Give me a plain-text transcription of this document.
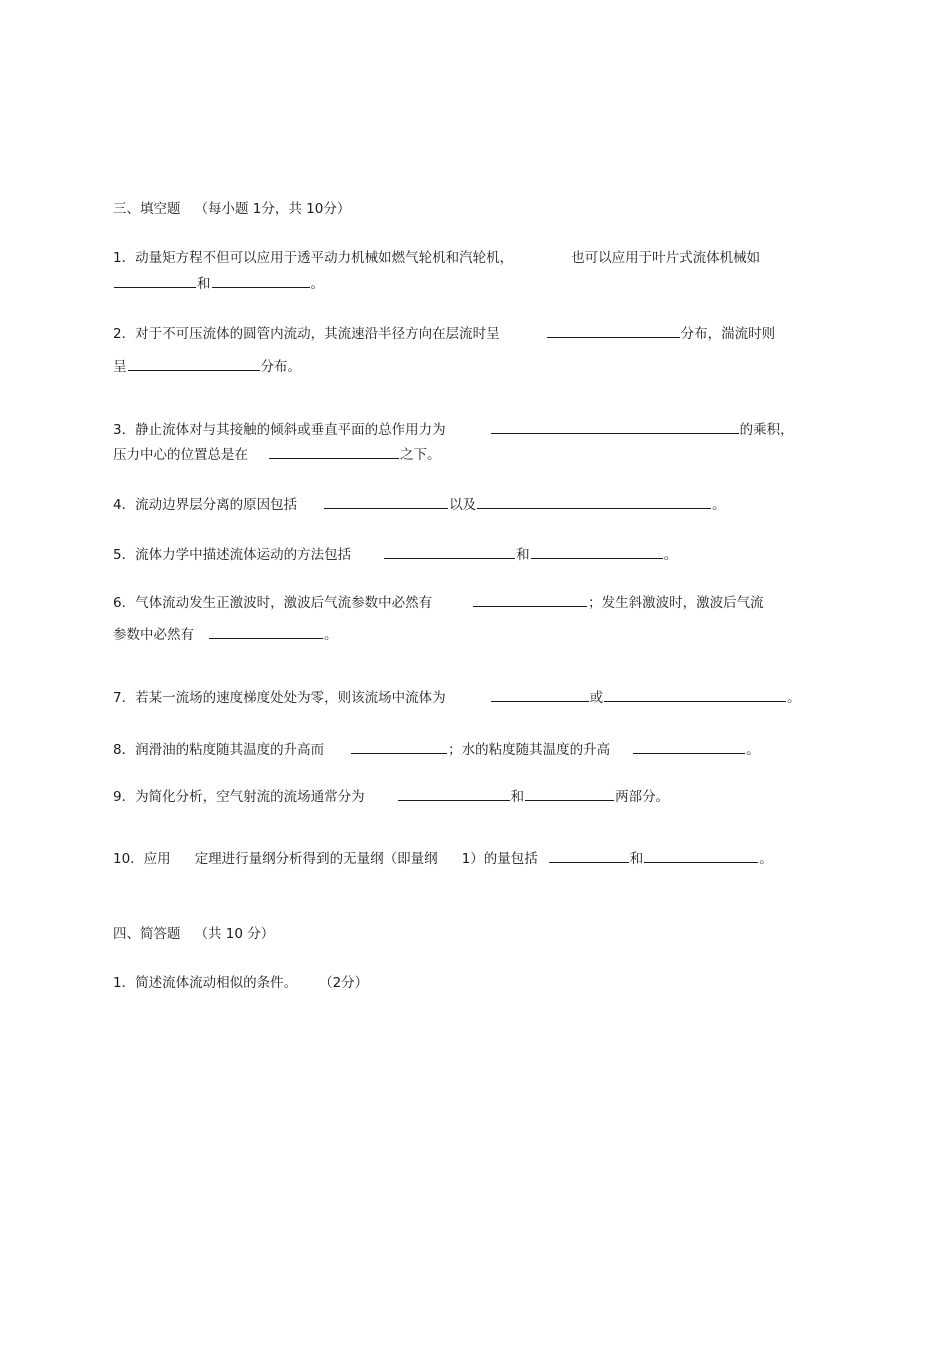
三、填空题 （每小题 1分，共 10分）
1．动量矩方程不但可以应用于透平动力机械如燃气轮机和汽轮机，	也可以应用于叶片式流体机械如
和	。
2．对于不可压流体的圆管内流动，其流速沿半径方向在层流时呈	分布，湍流时则
呈	分布。
3．静止流体对与其接触的倾斜或垂直平面的总作用力为	的乘积，
压力中心的位置总是在	之下。
4．流动边界层分离的原因包括	以及	。
5．流体力学中描述流体运动的方法包括	和	。
6．气体流动发生正激波时，激波后气流参数中必然有	；发生斜激波时，激波后气流
参数中必然有	。
7．若某一流场的速度梯度处处为零，则该流场中流体为	或	。
8．润滑油的粘度随其温度的升高而	；水的粘度随其温度的升高	。
9．为简化分析，空气射流的流场通常分为	和	两部分。
10．应用 定理进行量纲分析得到的无量纲（即量纲 1）的量包括	和	。
四、简答题 （共 10 分）
1．简述流体流动相似的条件。 （2分）
